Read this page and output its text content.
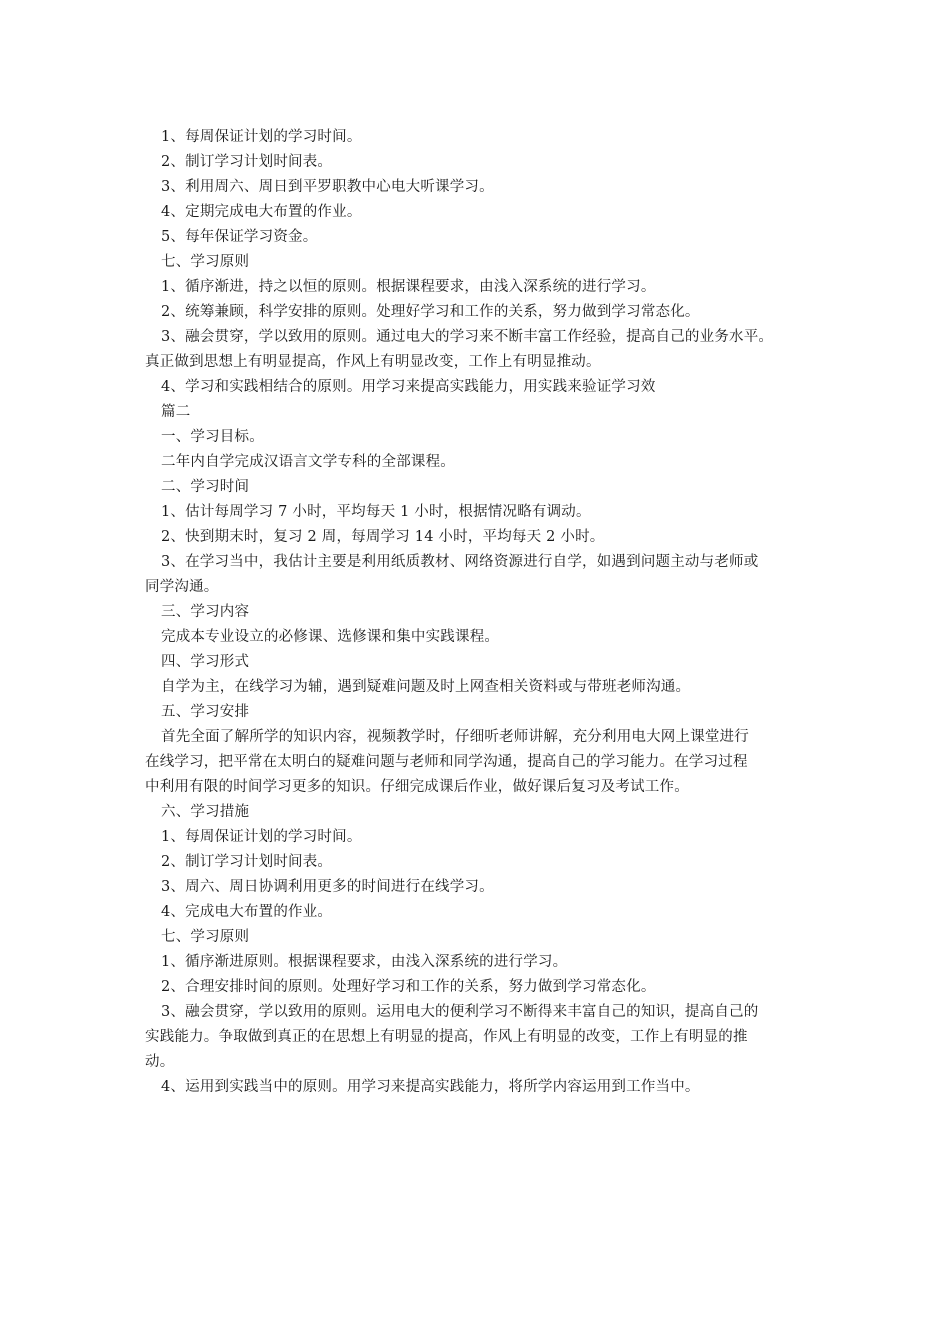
1、每周保证计划的学习时间。
2、制订学习计划时间表。
3、利用周六、周日到平罗职教中心电大听课学习。
4、定期完成电大布置的作业。
5、每年保证学习资金。
七、学习原则
1、循序渐进，持之以恒的原则。根据课程要求，由浅入深系统的进行学习。
2、统筹兼顾，科学安排的原则。处理好学习和工作的关系，努力做到学习常态化。
3、融会贯穿，学以致用的原则。通过电大的学习来不断丰富工作经验，提高自己的业务水平。
真正做到思想上有明显提高，作风上有明显改变，工作上有明显推动。
4、学习和实践相结合的原则。用学习来提高实践能力，用实践来验证学习效
篇二
一、学习目标。
二年内自学完成汉语言文学专科的全部课程。
二、学习时间
1、估计每周学习 7 小时，平均每天 1 小时，根据情况略有调动。
2、快到期末时，复习 2 周，每周学习 14 小时，平均每天 2 小时。
3、在学习当中，我估计主要是利用纸质教材、网络资源进行自学，如遇到问题主动与老师或
同学沟通。
三、学习内容
完成本专业设立的必修课、选修课和集中实践课程。
四、学习形式
自学为主，在线学习为辅，遇到疑难问题及时上网查相关资料或与带班老师沟通。
五、学习安排
首先全面了解所学的知识内容，视频教学时，仔细听老师讲解，充分利用电大网上课堂进行
在线学习，把平常在太明白的疑难问题与老师和同学沟通，提高自己的学习能力。在学习过程
中利用有限的时间学习更多的知识。仔细完成课后作业，做好课后复习及考试工作。
六、学习措施
1、每周保证计划的学习时间。
2、制订学习计划时间表。
3、周六、周日协调利用更多的时间进行在线学习。
4、完成电大布置的作业。
七、学习原则
1、循序渐进原则。根据课程要求，由浅入深系统的进行学习。
2、合理安排时间的原则。处理好学习和工作的关系，努力做到学习常态化。
3、融会贯穿，学以致用的原则。运用电大的便利学习不断得来丰富自己的知识，提高自己的
实践能力。争取做到真正的在思想上有明显的提高，作风上有明显的改变，工作上有明显的推
动。
4、运用到实践当中的原则。用学习来提高实践能力，将所学内容运用到工作当中。
